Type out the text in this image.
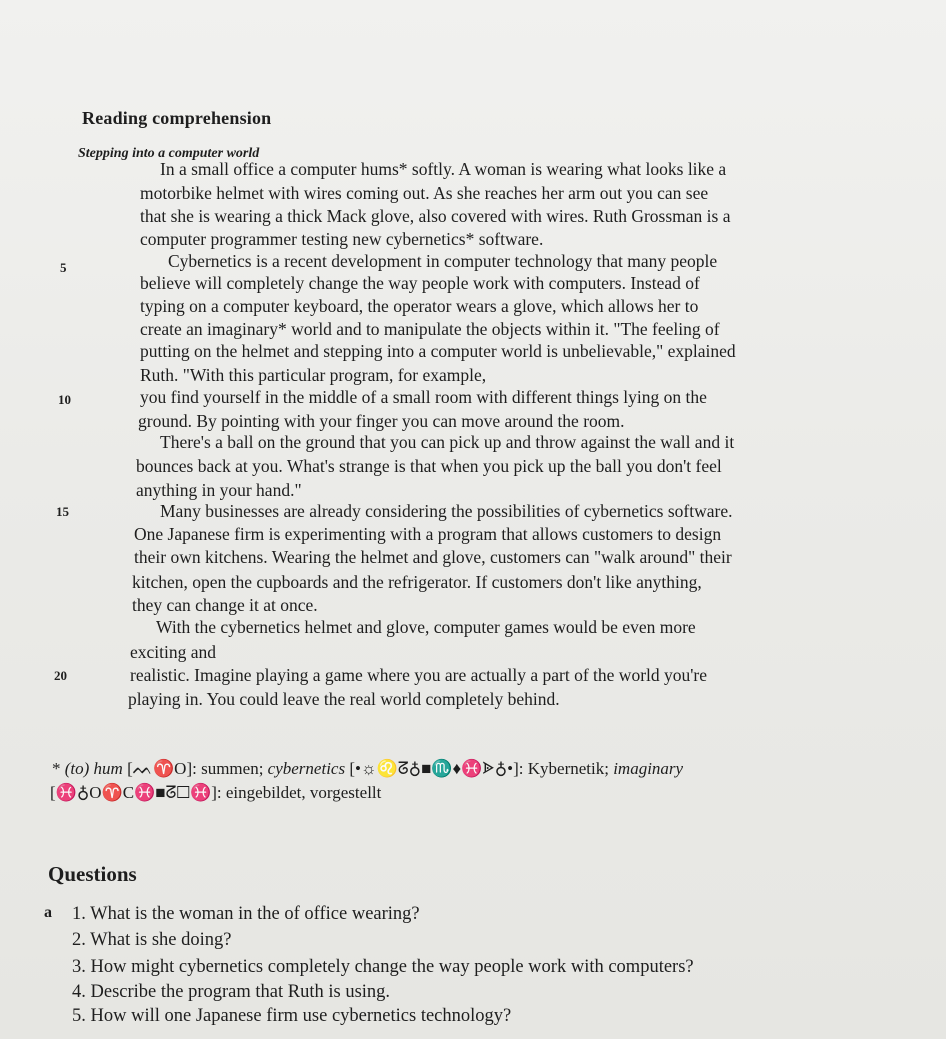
Reading comprehension
Stepping into a computer world
In a small office a computer hums* softly. A woman is wearing what looks like a
motorbike helmet with wires coming out. As she reaches her arm out you can see
that she is wearing a thick Mack glove, also covered with wires. Ruth Grossman is a
computer programmer testing new cybernetics* software.
Cybernetics is a recent development in computer technology that many people
believe will completely change the way people work with computers. Instead of
typing on a computer keyboard, the operator wears a glove, which allows her to
create an imaginary* world and to manipulate the objects within it. "The feeling of
putting on the helmet and stepping into a computer world is unbelievable," explained
Ruth. "With this particular program, for example,
you find yourself in the middle of a small room with different things lying on the
ground. By pointing with your finger you can move around the room.
There's a ball on the ground that you can pick up and throw against the wall and it
bounces back at you. What's strange is that when you pick up the ball you don't feel
anything in your hand."
Many businesses are already considering the possibilities of cybernetics software.
One Japanese firm is experimenting with a program that allows customers to design
their own kitchens. Wearing the helmet and glove, customers can "walk around" their
kitchen, open the cupboards and the refrigerator. If customers don't like anything,
they can change it at once.
With the cybernetics helmet and glove, computer games would be even more
exciting and
realistic. Imagine playing a game where you are actually a part of the world you're
playing in. You could leave the real world completely behind.
5
10
15
20
* (to) hum [ᨓ♈O]: summen; cybernetics [•☼♌ᘔ♁■♏♦♓ᗎ♁•]: Kybernetik; imaginary
[♓♁O♈C♓■ᘔ☐♓]: eingebildet, vorgestellt
Questions
a 1. What is the woman in the of office wearing?
2. What is she doing?
3. How might cybernetics completely change the way people work with computers?
4. Describe the program that Ruth is using.
5. How will one Japanese firm use cybernetics technology?
